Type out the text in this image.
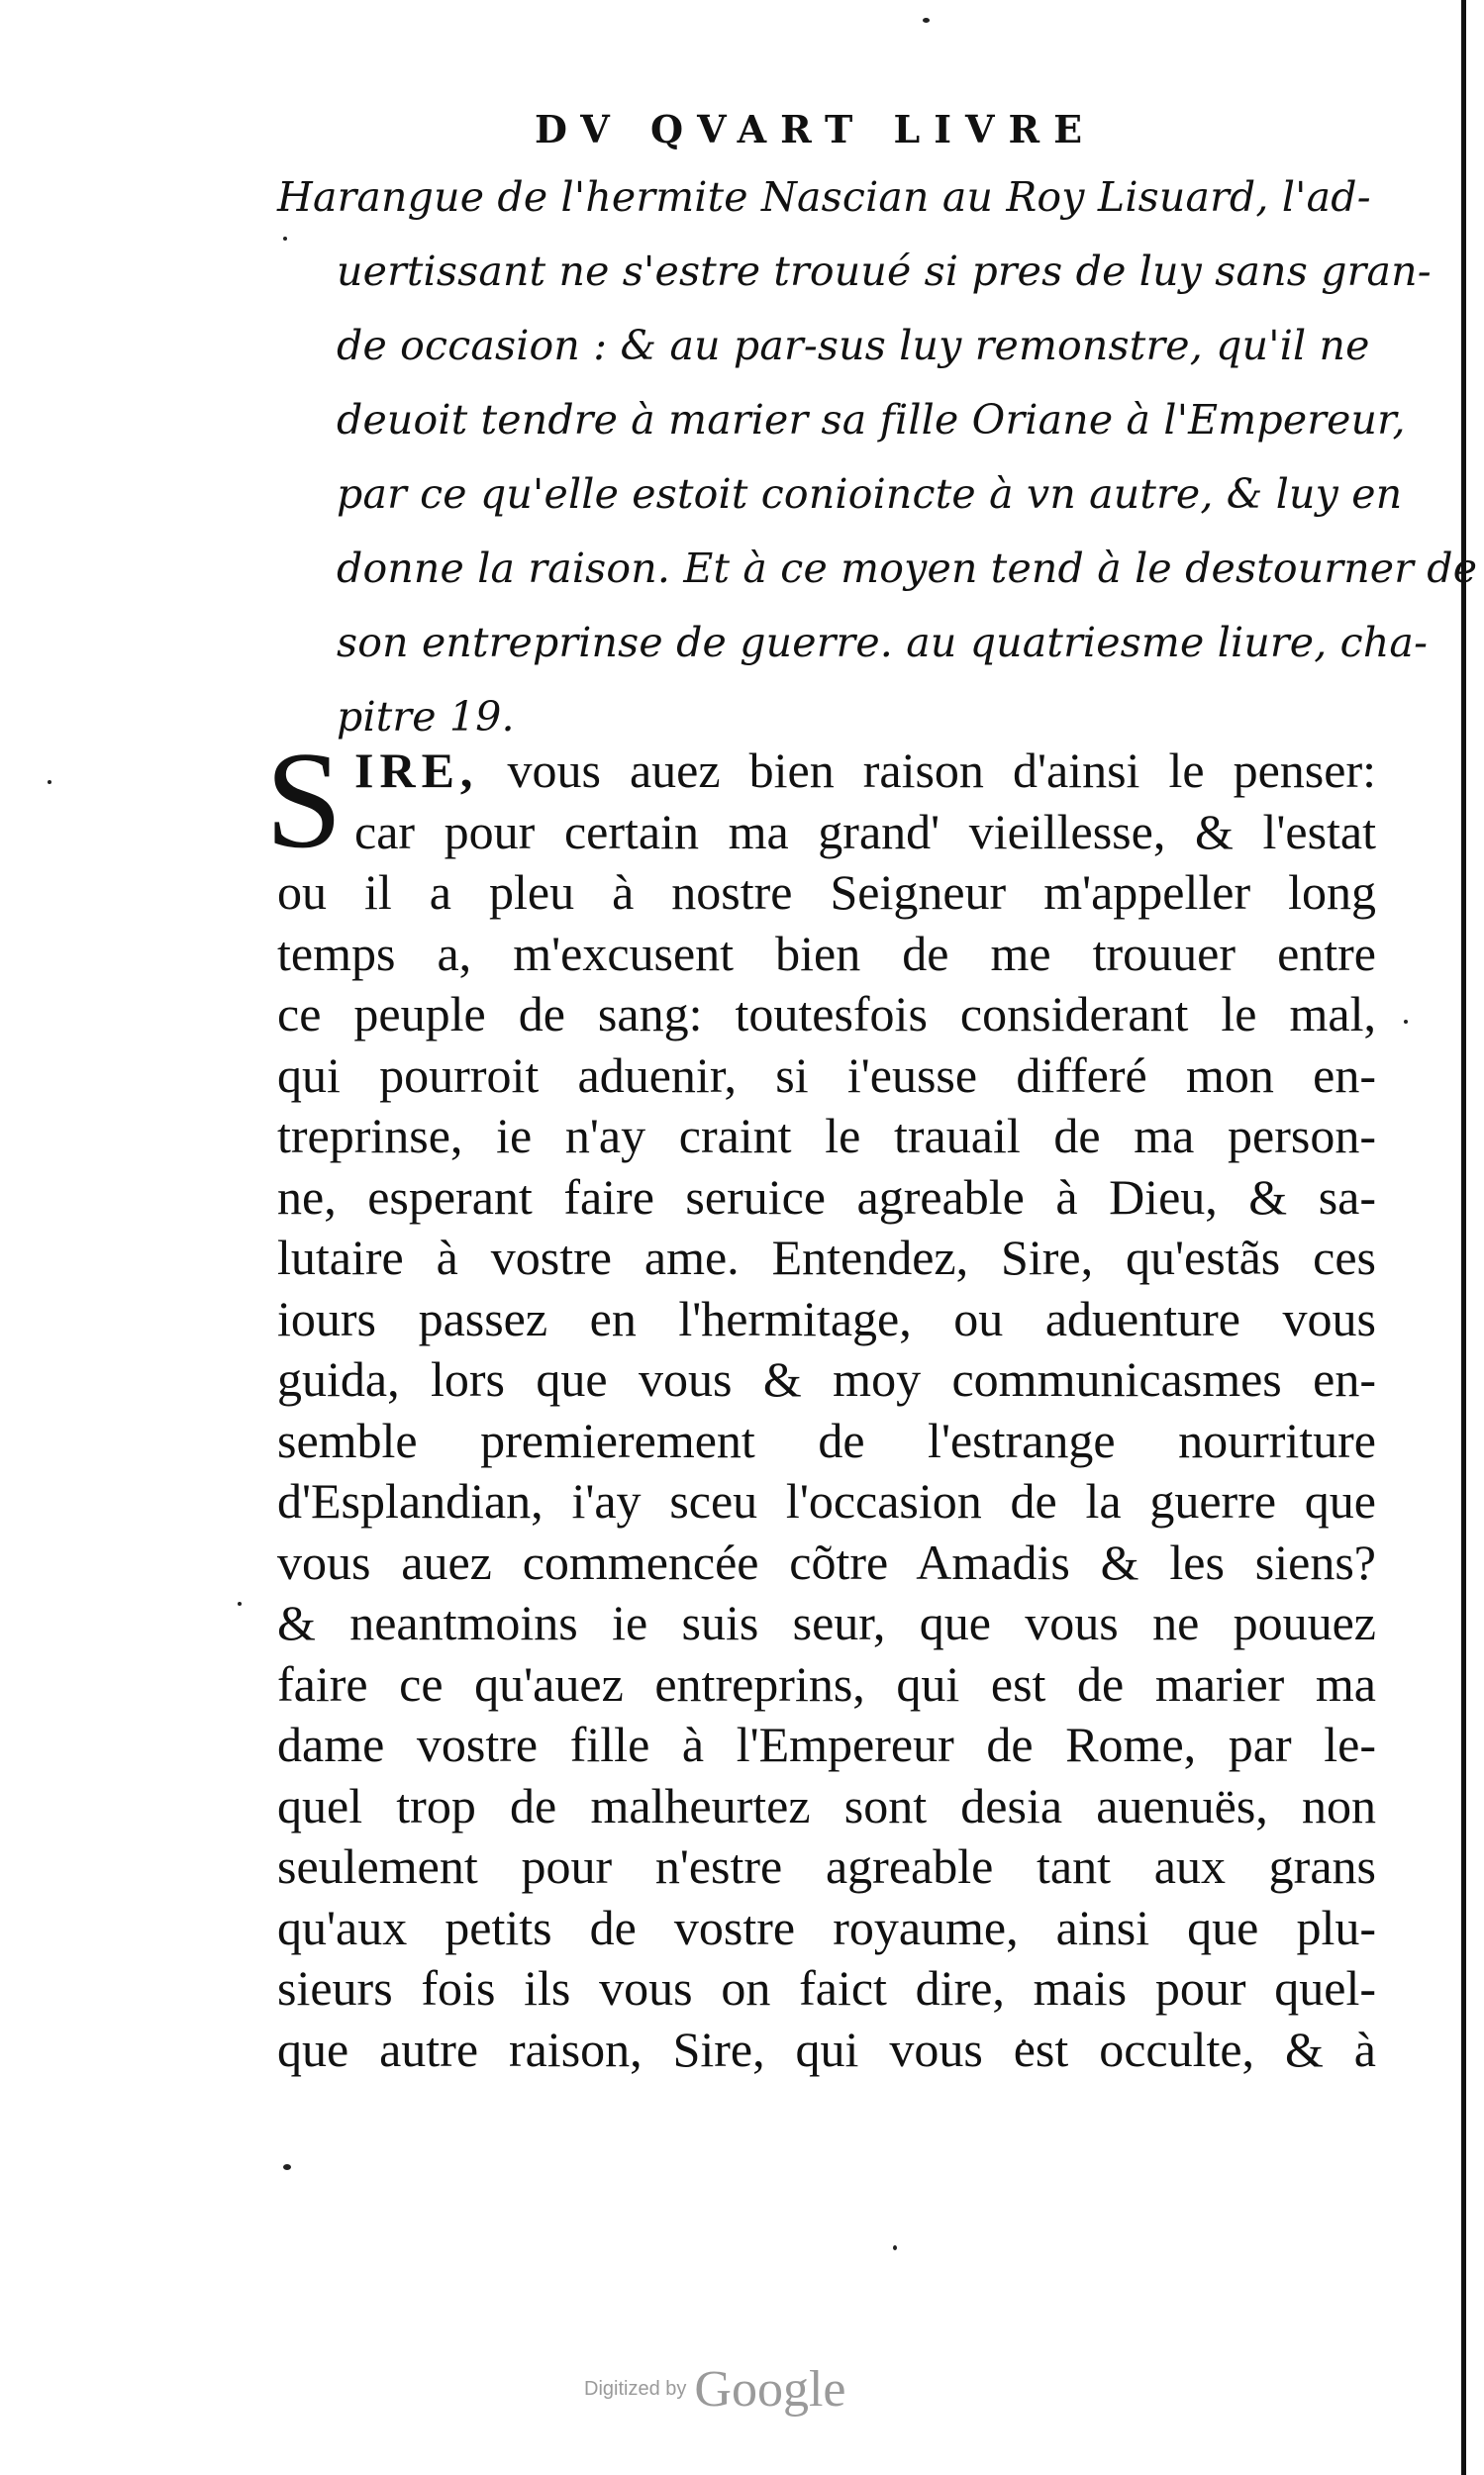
DV QVART LIVRE
Harangue de l'hermite Nascian au Roy Lisuard, l'ad-
uertissant ne s'estre trouué si pres de luy sans gran-
de occasion : & au par-sus luy remonstre, qu'il ne
deuoit tendre à marier sa fille Oriane à l'Empereur,
par ce qu'elle estoit conioincte à vn autre, & luy en
donne la raison. Et à ce moyen tend à le destourner de
son entreprinse de guerre. au quatriesme liure, cha-
pitre 19.
S IRE, vous auez bien raison d'ainsi le penser:
car pour certain ma grand' vieillesse, & l'estat
ou il a pleu à nostre Seigneur m'appeller long
temps a, m'excusent bien de me trouuer entre
ce peuple de sang: toutesfois considerant le mal,
qui pourroit aduenir, si i'eusse differé mon en-
treprinse, ie n'ay craint le trauail de ma person-
ne, esperant faire seruice agreable à Dieu, & sa-
lutaire à vostre ame. Entendez, Sire, qu'estãs ces
iours passez en l'hermitage, ou aduenture vous
guida, lors que vous & moy communicasmes en-
semble premierement de l'estrange nourriture
d'Esplandian, i'ay sceu l'occasion de la guerre que
vous auez commencée cõtre Amadis & les siens?
& neantmoins ie suis seur, que vous ne pouuez
faire ce qu'auez entreprins, qui est de marier ma
dame vostre fille à l'Empereur de Rome, par le-
quel trop de malheurtez sont desia auenuës, non
seulement pour n'estre agreable tant aux grans
qu'aux petits de vostre royaume, ainsi que plu-
sieurs fois ils vous on faict dire, mais pour quel-
que autre raison, Sire, qui vous est occulte, & à
Digitized by Google
